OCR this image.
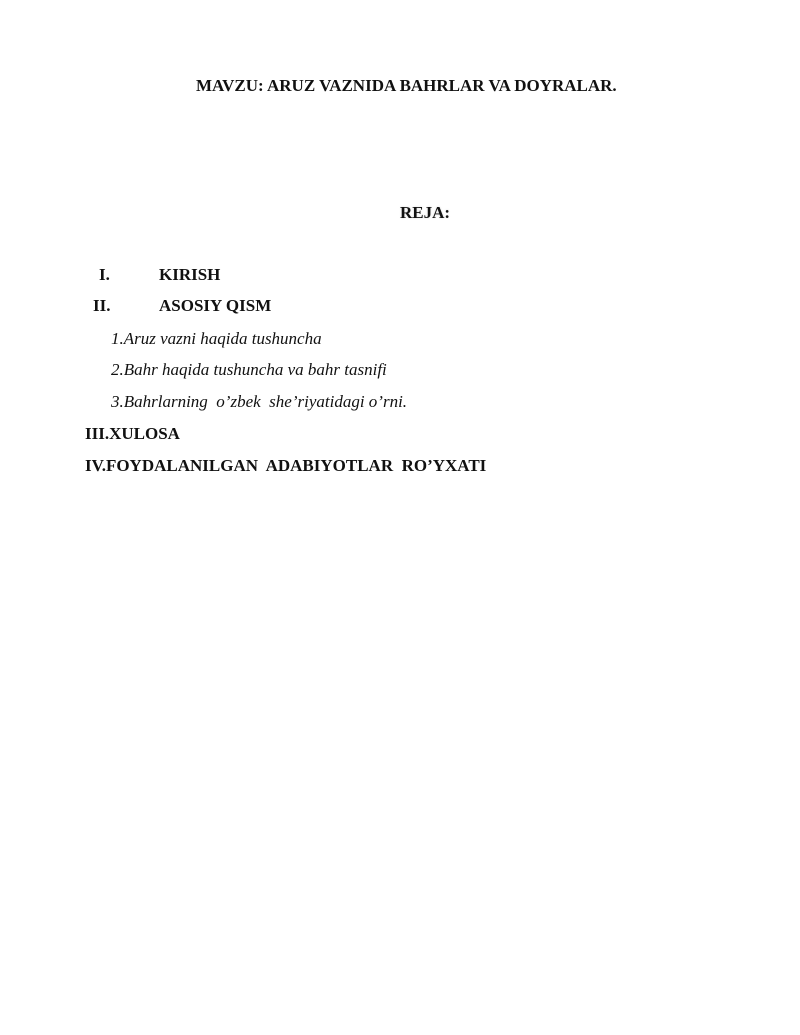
MAVZU: ARUZ VAZNIDA BAHRLAR VA DOYRALAR.
REJA:

I.

	KIRISH

II.

	ASOSIY QISM

1.Aruz vazni haqida tushuncha
2.Bahr haqida tushuncha va bahr tasnifi
3.Bahrlarning  o’zbek  she’riyatidagi o’rni.
III.XULOSA
IV.FOYDALANILGAN  ADABIYOTLAR  RO’YXATI
